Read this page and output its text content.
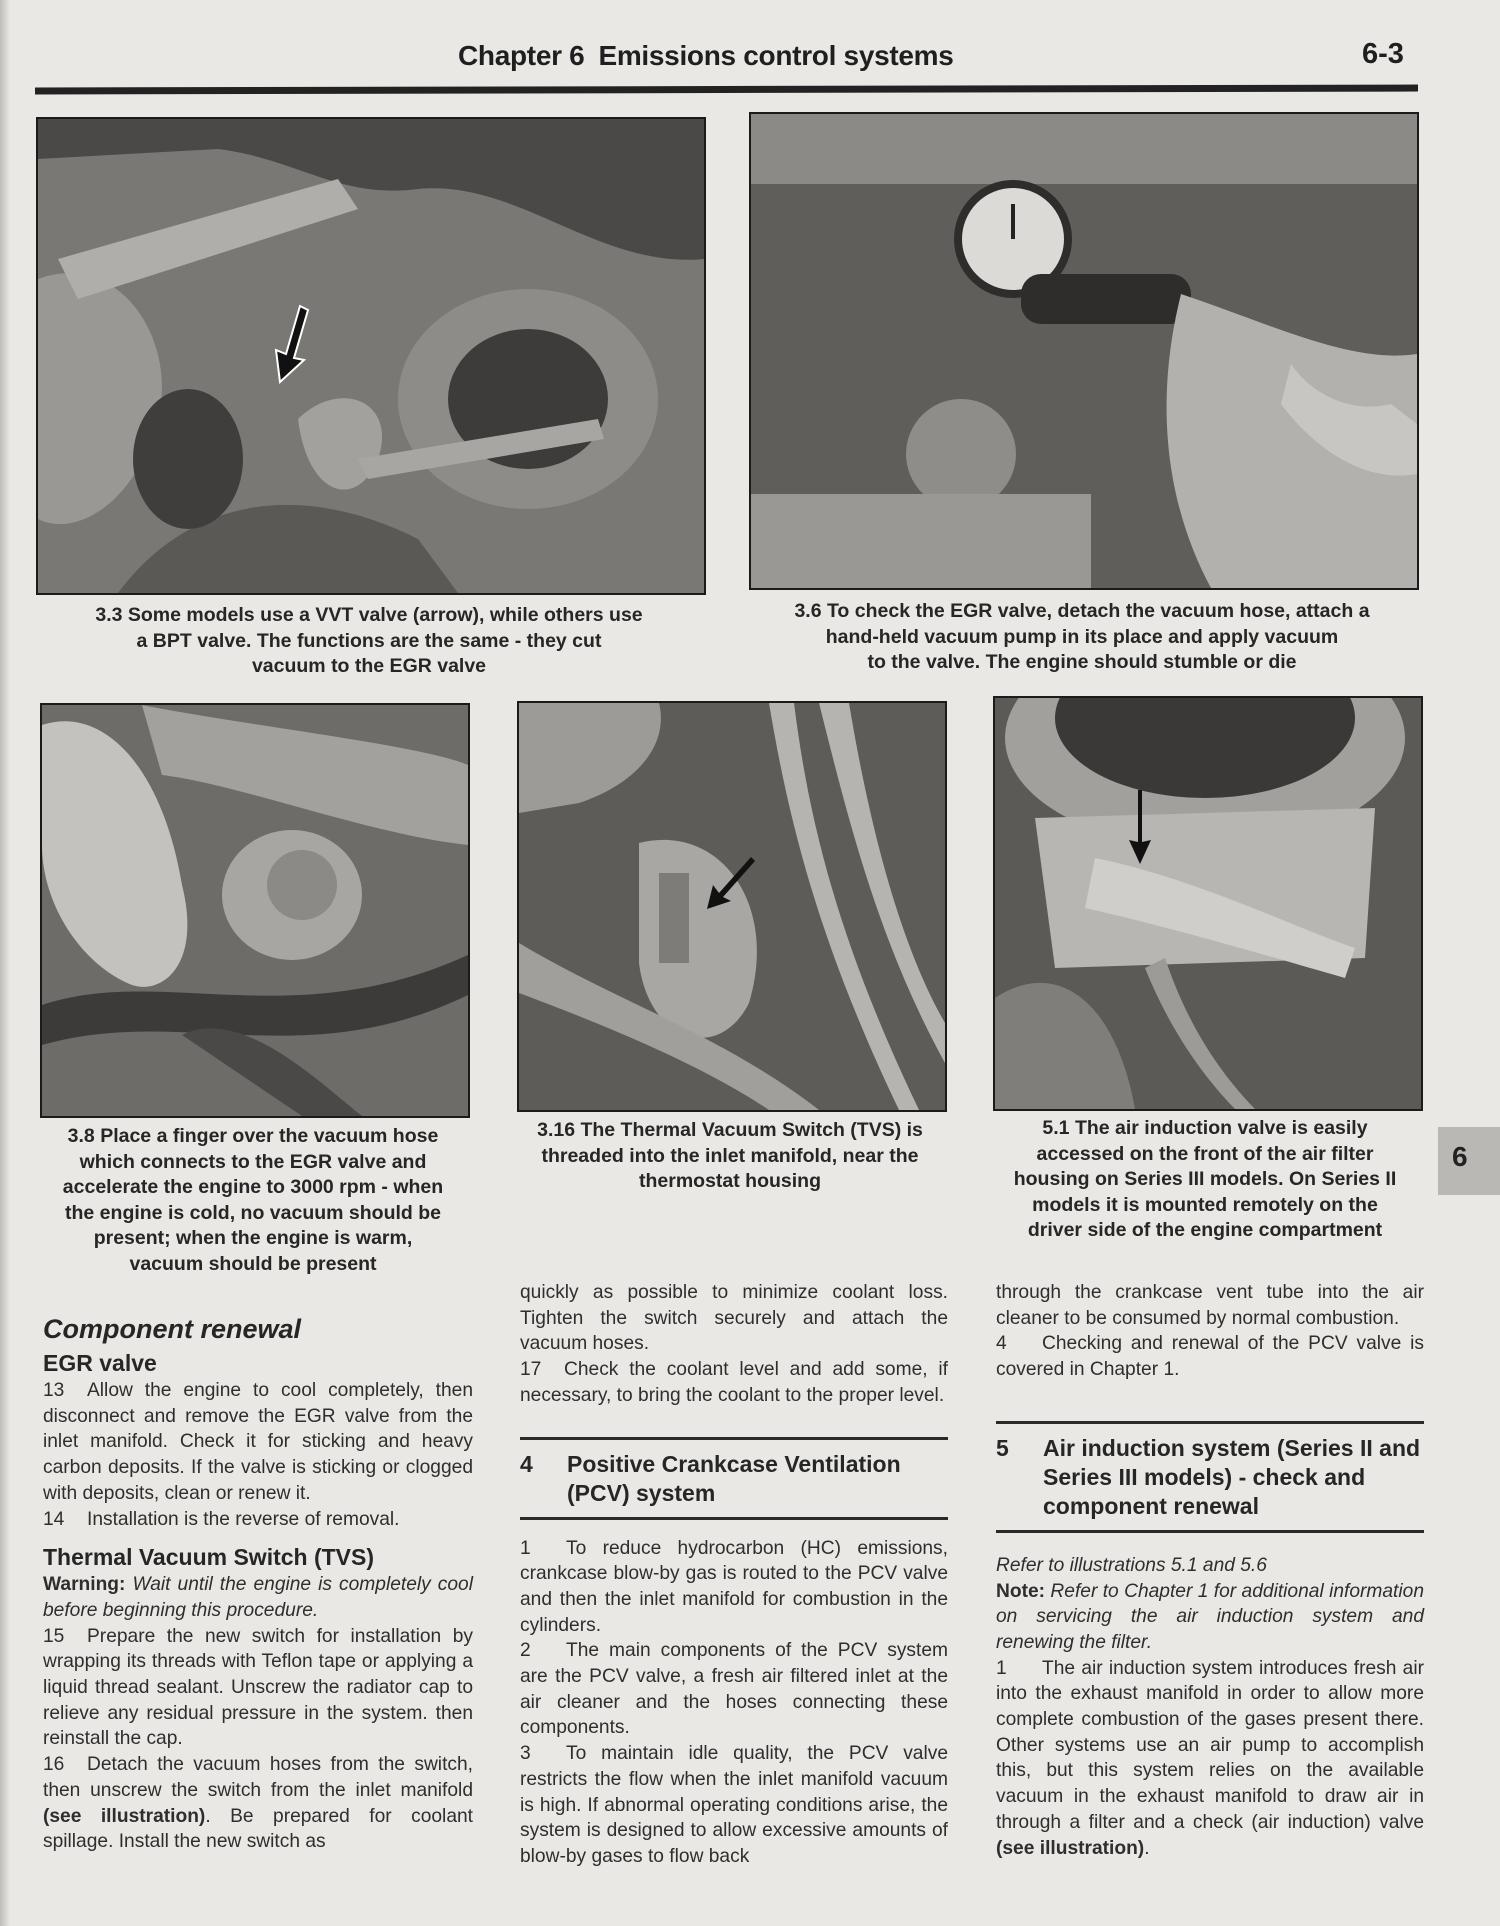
Chapter 6 Emissions control systems	6-3
3.3 Some models use a VVT valve (arrow), while others use
a BPT valve. The functions are the same - they cut
vacuum to the EGR valve
3.6 To check the EGR valve, detach the vacuum hose, attach a
hand-held vacuum pump in its place and apply vacuum
to the valve. The engine should stumble or die
3.8 Place a finger over the vacuum hose
which connects to the EGR valve and
accelerate the engine to 3000 rpm - when
the engine is cold, no vacuum should be
present; when the engine is warm,
vacuum should be present
3.16 The Thermal Vacuum Switch (TVS) is
threaded into the inlet manifold, near the
thermostat housing
5.1 The air induction valve is easily
accessed on the front of the air filter
housing on Series III models. On Series II
models it is mounted remotely on the
driver side of the engine compartment
6

Component renewal

EGR valve

13 Allow the engine to cool completely, then disconnect and remove the EGR valve from the inlet manifold. Check it for sticking and heavy carbon deposits. If the valve is sticking or clogged with deposits, clean or renew it.

14 Installation is the reverse of removal.

Thermal Vacuum Switch (TVS)

Warning: Wait until the engine is completely cool before beginning this procedure.

15 Prepare the new switch for installation by wrapping its threads with Teflon tape or applying a liquid thread sealant. Unscrew the radiator cap to relieve any residual pressure in the system. then reinstall the cap.

16 Detach the vacuum hoses from the switch, then unscrew the switch from the inlet manifold (see illustration). Be prepared for coolant spillage. Install the new switch as

quickly as possible to minimize coolant loss. Tighten the switch securely and attach the vacuum hoses.

17 Check the coolant level and add some, if necessary, to bring the coolant to the proper level.

4	Positive Crankcase Ventilation (PCV) system

1 To reduce hydrocarbon (HC) emissions, crankcase blow-by gas is routed to the PCV valve and then the inlet manifold for combustion in the cylinders.

2 The main components of the PCV system are the PCV valve, a fresh air filtered inlet at the air cleaner and the hoses connecting these components.

3 To maintain idle quality, the PCV valve restricts the flow when the inlet manifold vacuum is high. If abnormal operating conditions arise, the system is designed to allow excessive amounts of blow-by gases to flow back

through the crankcase vent tube into the air cleaner to be consumed by normal combustion.

4 Checking and renewal of the PCV valve is covered in Chapter 1.

5	Air induction system (Series II and Series III models) - check and component renewal

Refer to illustrations 5.1 and 5.6

Note: Refer to Chapter 1 for additional information on servicing the air induction system and renewing the filter.

1 The air induction system introduces fresh air into the exhaust manifold in order to allow more complete combustion of the gases present there. Other systems use an air pump to accomplish this, but this system relies on the available vacuum in the exhaust manifold to draw air in through a filter and a check (air induction) valve (see illustration).
